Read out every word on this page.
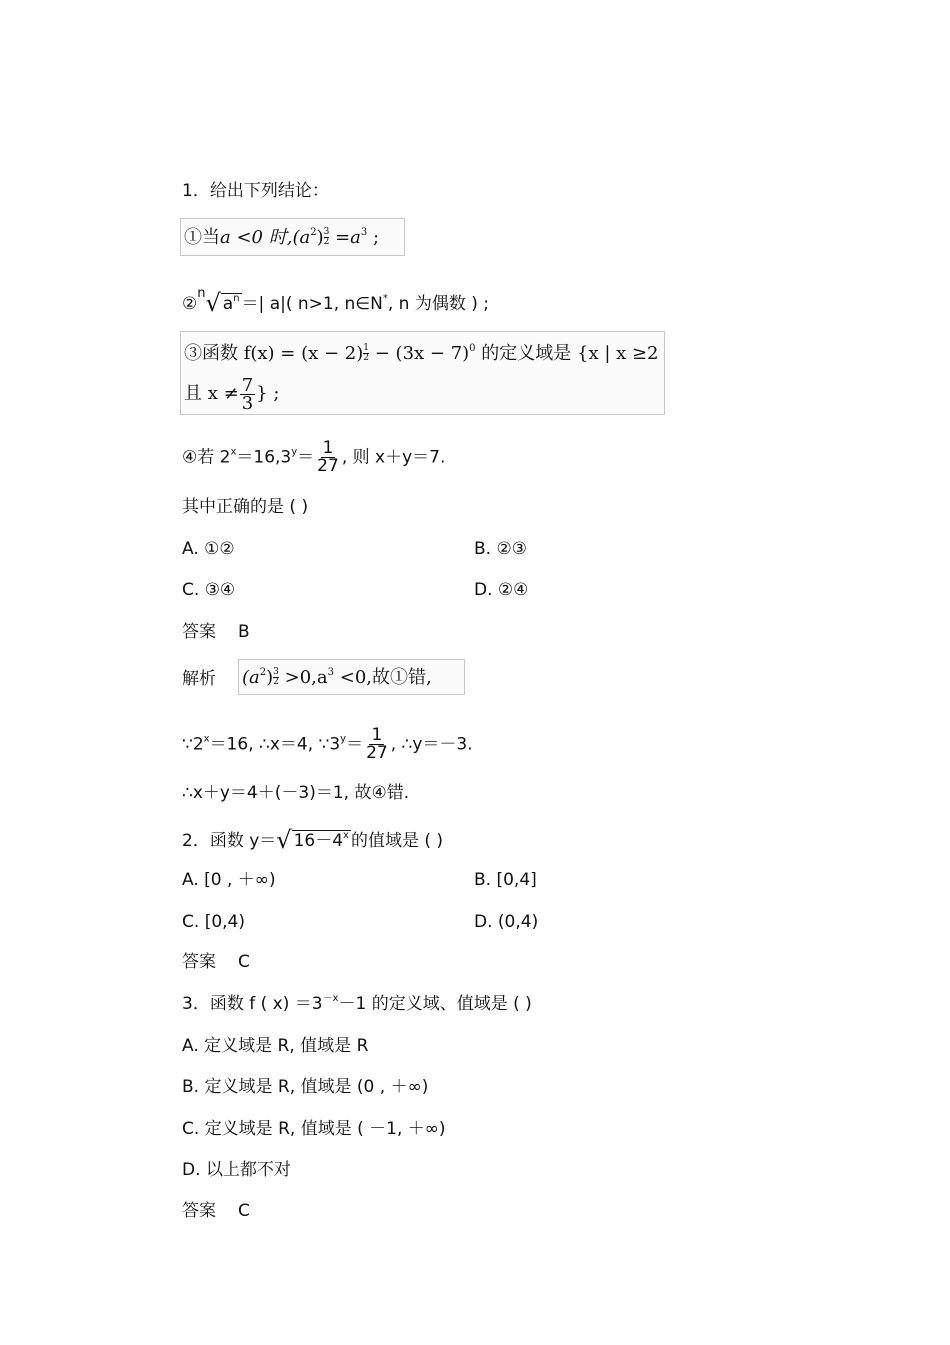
1．给出下列结论：
①当a <0 时$,(a^2) \frac{3}{2} =a^3$ ;
②$^n$√ $a^n$ ＝| a|( n>1, n∈N*, n 为偶数 ) ;
③函数 $f(x) = (x - 2) \frac{1}{2} - (3x - 7)^0$ 的定义域是 {x | x ≥2
且 $x \ne \frac{7}{3}$ } ;
④若 $2^x=16,3^y= \frac{1}{27}$ , 则 x＋y＝7.
其中正确的是 ( )
A. ①②	B. ②③
C. ③④	D. ②④
答案 B
解析 $(a^2) \frac{3}{2} >0,a^3 <0$,故①错,
$\because 2^x=16$, ∴x＝4, $\because 3^y= \frac{1}{27}$ , ∴y＝－3.
∴x＋y＝4＋(－3)＝1, 故④错.
2．函数 y＝√ $16-4^x$ 的值域是 ( )
A. [0 , ＋∞)	B. [0,4]
C. [0,4)	D. (0,4)
答案 C
3．函数 f ( $x) =3^{-x}-1$ 的定义域、值域是 ( )
A. 定义域是 R, 值域是 R
B. 定义域是 R, 值域是 (0 , ＋∞)
C. 定义域是 R, 值域是 ( －1, ＋∞)
D. 以上都不对
答案 C
